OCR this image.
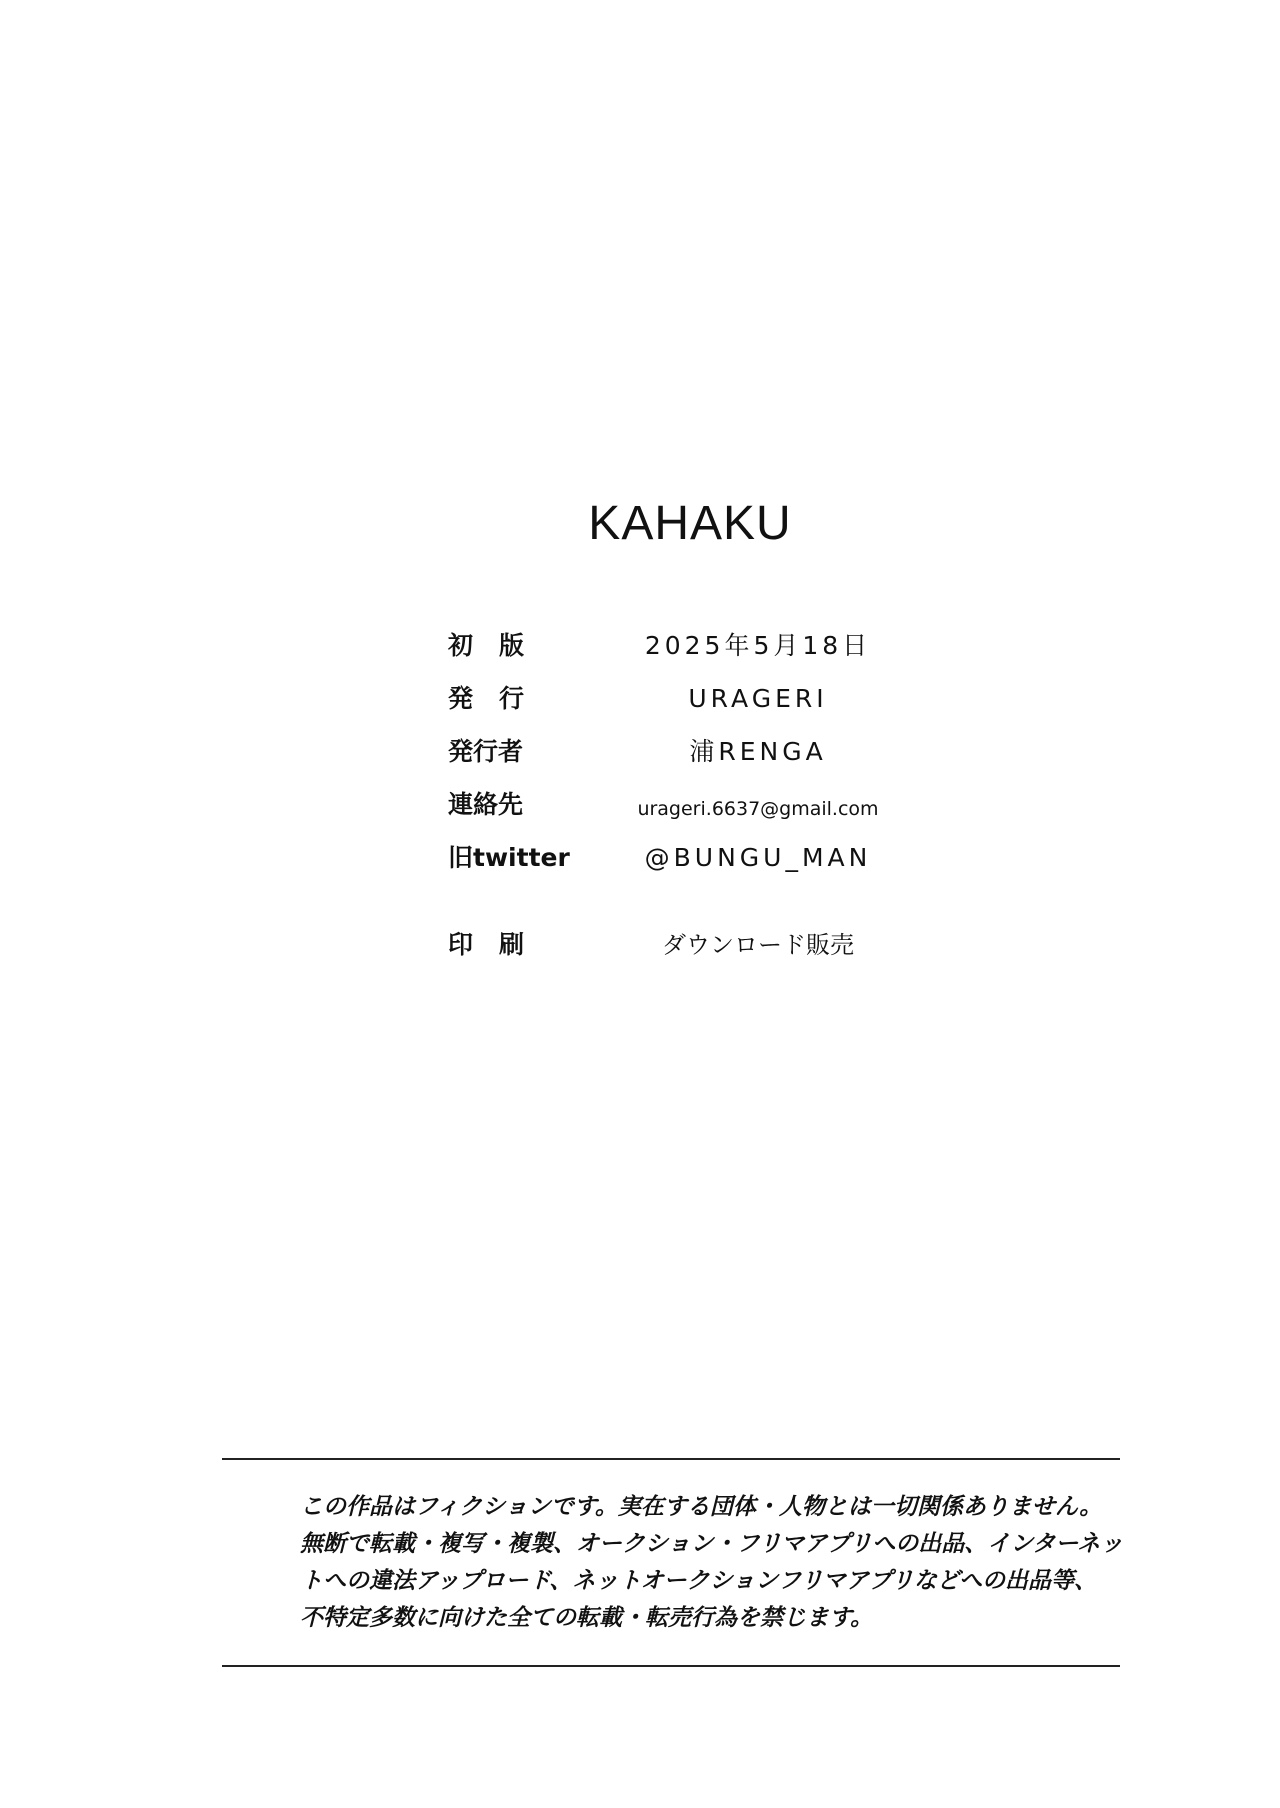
KAHAKU
初版	2025年5月18日
発行	URAGERI
発行者	浦RENGA
連絡先	urageri.6637@gmail.com
旧twitter	@BUNGU_MAN
印刷	ダウンロード販売
この作品はフィクションです。実在する団体・人物とは一切関係ありません。
無断で転載・複写・複製、オークション・フリマアプリへの出品、インターネッ
トへの違法アップロード、ネットオークションフリマアプリなどへの出品等、
不特定多数に向けた全ての転載・転売行為を禁じます。
